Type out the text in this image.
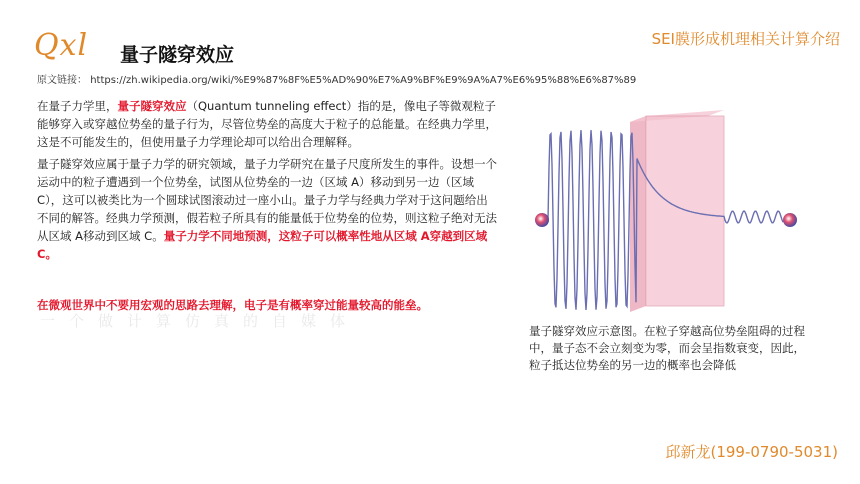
Qxl 量子隧穿效应
SEI膜形成机理相关计算介绍
原文链接： https://zh.wikipedia.org/wiki/%E9%87%8F%E5%AD%90%E7%A9%BF%E9%9A%A7%E6%95%88%E6%87%89
一个做计算仿真的自媒体
在量子力学里，量子隧穿效应（Quantum tunneling effect）指的是，像电子等微观粒子能够穿入或穿越位势垒的量子行为，尽管位势垒的高度大于粒子的总能量。在经典力学里，这是不可能发生的，但使用量子力学理论却可以给出合理解释。
量子隧穿效应属于量子力学的研究领域，量子力学研究在量子尺度所发生的事件。设想一个运动中的粒子遭遇到一个位势垒，试图从位势垒的一边（区域 A）移动到另一边（区域 C），这可以被类比为一个圆球试图滚动过一座小山。量子力学与经典力学对于这问题给出不同的解答。经典力学预测，假若粒子所具有的能量低于位势垒的位势，则这粒子绝对无法从区域 A移动到区域 C。量子力学不同地预测，这粒子可以概率性地从区域 A穿越到区域 C。
在微观世界中不要用宏观的思路去理解，电子是有概率穿过能量较高的能垒。
量子隧穿效应示意图。在粒子穿越高位势垒阻碍的过程中，量子态不会立刻变为零，而会呈指数衰变，因此，粒子抵达位势垒的另一边的概率也会降低
邱新龙(199-0790-5031)
